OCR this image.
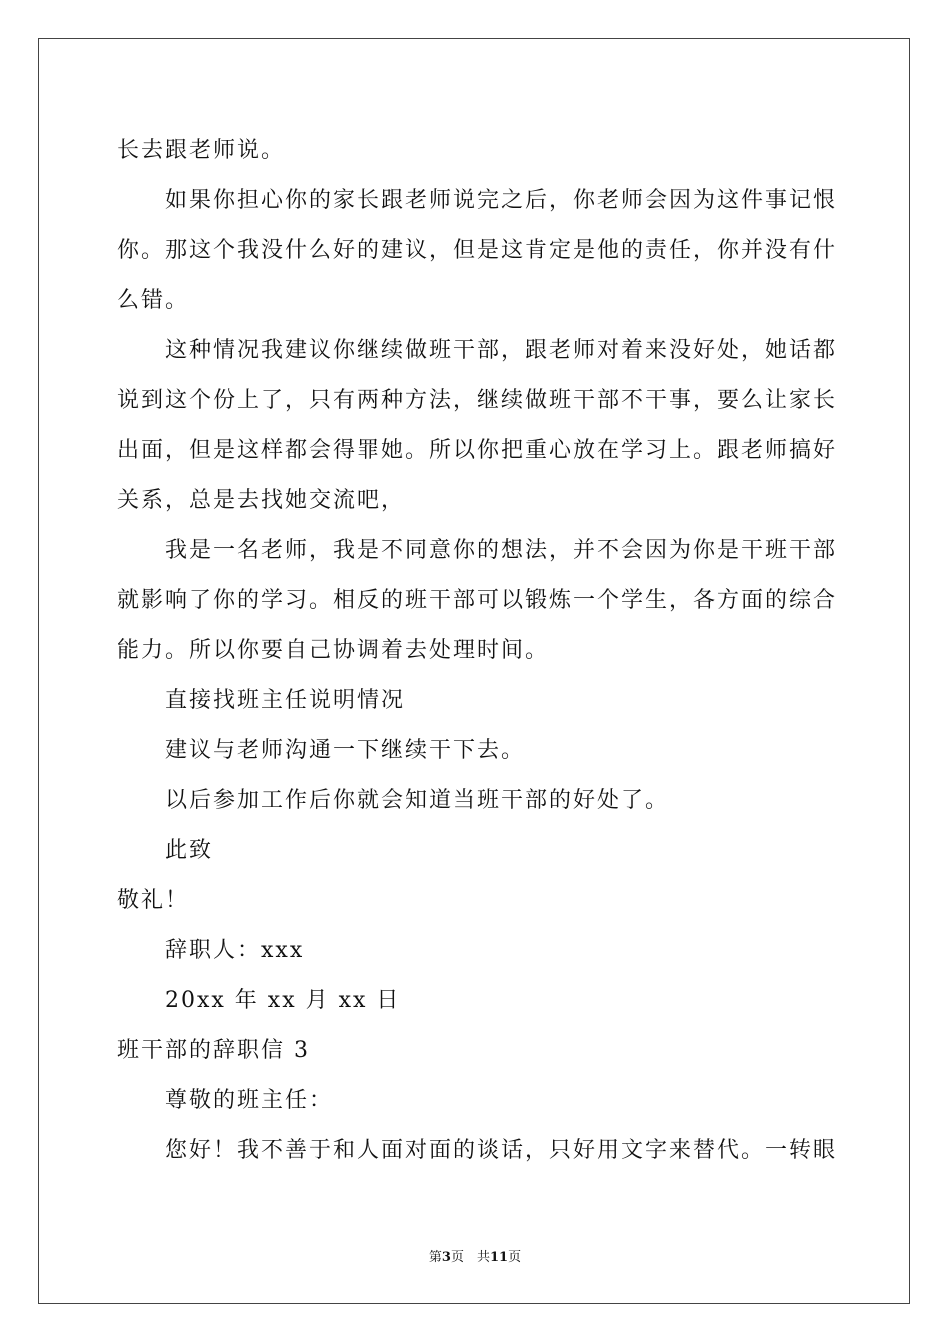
长去跟老师说。
如果你担心你的家长跟老师说完之后，你老师会因为这件事记恨
你。那这个我没什么好的建议，但是这肯定是他的责任，你并没有什
么错。
这种情况我建议你继续做班干部，跟老师对着来没好处，她话都
说到这个份上了，只有两种方法，继续做班干部不干事，要么让家长
出面，但是这样都会得罪她。所以你把重心放在学习上。跟老师搞好
关系，总是去找她交流吧，
我是一名老师，我是不同意你的想法，并不会因为你是干班干部
就影响了你的学习。相反的班干部可以锻炼一个学生，各方面的综合
能力。所以你要自己协调着去处理时间。
直接找班主任说明情况
建议与老师沟通一下继续干下去。
以后参加工作后你就会知道当班干部的好处了。
此致
敬礼！
辞职人：xxx
20xx 年 xx 月 xx 日
班干部的辞职信 3
尊敬的班主任：
您好！我不善于和人面对面的谈话，只好用文字来替代。一转眼
第3页　共11页
